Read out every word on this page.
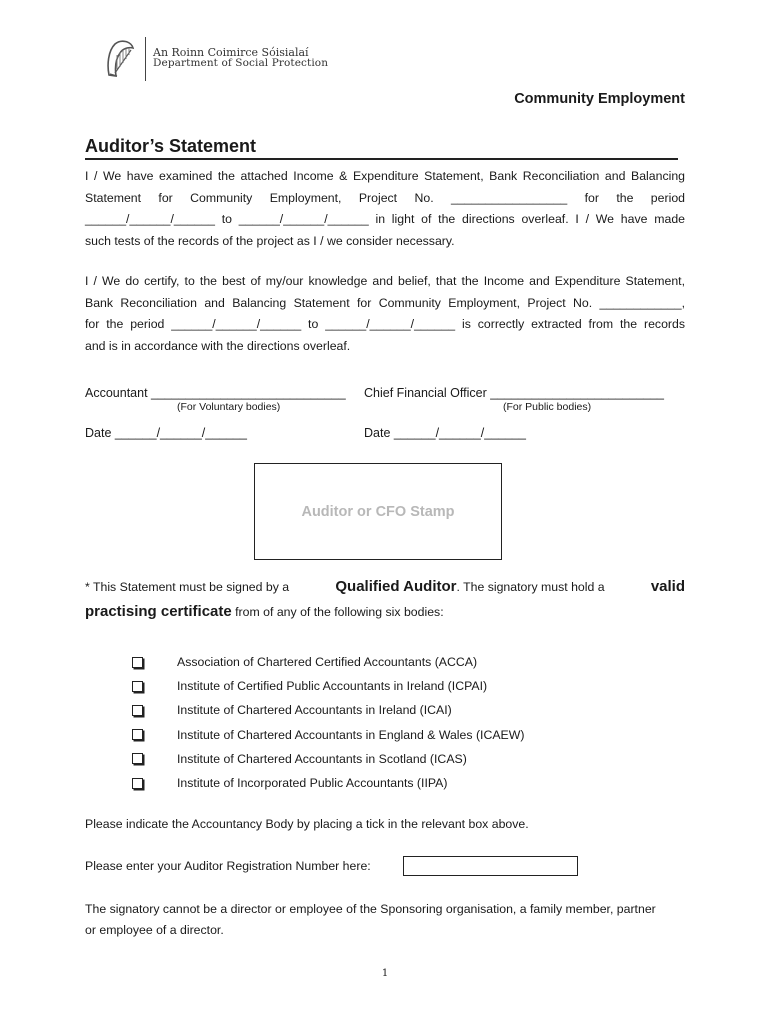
An Roinn Coimirce Sóisialaí
Department of Social Protection
Community Employment
Auditor’s Statement
I / We have examined the attached Income & Expenditure Statement, Bank Reconciliation and Balancing
Statement for Community Employment, Project No. _________________ for the period
______/______/______ to ______/______/______ in light of the directions overleaf. I / We have made
such tests of the records of the project as I / we consider necessary.
I / We do certify, to the best of my/our knowledge and belief, that the Income and Expenditure Statement,
Bank Reconciliation and Balancing Statement for Community Employment, Project No. ____________,
for the period ______/______/______ to ______/______/______ is correctly extracted from the records
and is in accordance with the directions overleaf.
Accountant ____________________________
(For Voluntary bodies)
Chief Financial Officer _________________________
(For Public bodies)
Date ______/______/______	Date ______/______/______
Auditor or CFO Stamp
* This Statement must be signed by a	Qualified Auditor. The signatory must hold a	valid
practising certificate from of any of the following six bodies:
Association of Chartered Certified Accountants (ACCA)
Institute of Certified Public Accountants in Ireland (ICPAI)
Institute of Chartered Accountants in Ireland (ICAI)
Institute of Chartered Accountants in England & Wales (ICAEW)
Institute of Chartered Accountants in Scotland (ICAS)
Institute of Incorporated Public Accountants (IIPA)
Please indicate the Accountancy Body by placing a tick in the relevant box above.
Please enter your Auditor Registration Number here:
The signatory cannot be a director or employee of the Sponsoring organisation, a family member, partner
or employee of a director.
1
